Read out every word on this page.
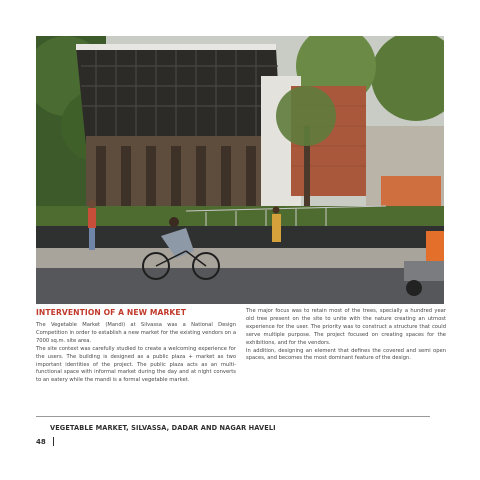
INTERVENTION OF A NEW MARKET

The Vegetable Market (Mandi) at Silvassa was a National Design Competition in order to establish a new market for the existing vendors on a 7000 sq.m. site area.

The site context was carefully studied to create a welcoming experience for the users. The building is designed as a public plaza + market as two important identities of the project. The public plaza acts as an multi-functional space with informal market during the day and at night converts to an eatery while the mandi is a formal vegetable market.

The major focus was to retain most of the trees, specially a hundred year old tree present on the site to unite with the nature creating an utmost experience for the user. The priority was to construct a structure that could serve multiple purpose. The project focused on creating spaces for the exhibitions, and for the vendors.

In addition, designing an element that defines the covered and semi open spaces, and becomes the most dominant feature of the design.

VEGETABLE MARKET, SILVASSA, DADAR AND NAGAR HAVELI
48
